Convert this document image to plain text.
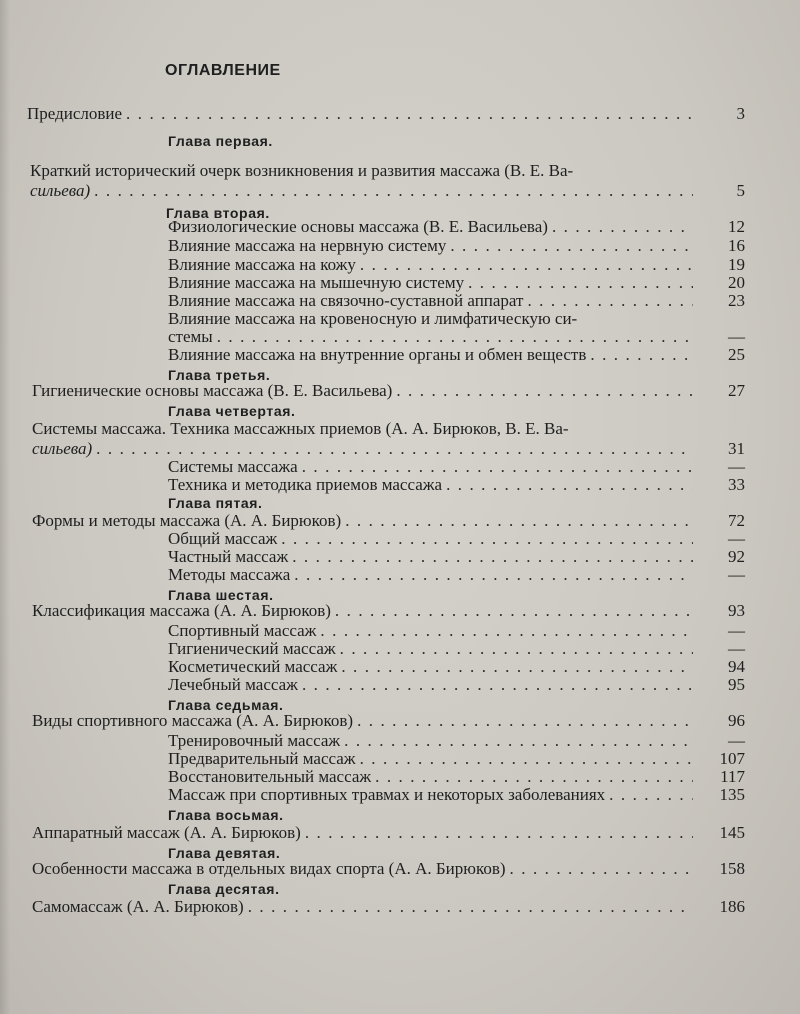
ОГЛАВЛЕНИЕ
Предисловие . . .	3
Глава первая.
Краткий исторический очерк возникновения и развития массажа (В. Е. Ва-
сильева) . . .	5
Глава вторая.
Физиологические основы массажа (В. Е. Васильева) . . .	12
Влияние массажа на нервную систему . . .	16
Влияние массажа на кожу . . .	19
Влияние массажа на мышечную систему . . .	20
Влияние массажа на связочно-суставной аппарат . . .	23
Влияние массажа на кровеносную и лимфатическую си-
стемы . . .	—
Влияние массажа на внутренние органы и обмен веществ . . .	25
Глава третья.
Гигиенические основы массажа (В. Е. Васильева) . . .	27
Глава четвертая.
Системы массажа. Техника массажных приемов (А. А. Бирюков, В. Е. Ва-
сильева) . . .	31
Системы массажа . . .	—
Техника и методика приемов массажа . . .	33
Глава пятая.
Формы и методы массажа (А. А. Бирюков) . . .	72
Общий массаж . . .	—
Частный массаж . . .	92
Методы массажа . . .	—
Глава шестая.
Классификация массажа (А. А. Бирюков) . . .	93
Спортивный массаж . . .	—
Гигиенический массаж . . .	—
Косметический массаж . . .	94
Лечебный массаж . . .	95
Глава седьмая.
Виды спортивного массажа (А. А. Бирюков) . . .	96
Тренировочный массаж . . .	—
Предварительный массаж . . .	107
Восстановительный массаж . . .	117
Массаж при спортивных травмах и некоторых заболеваниях . . .	135
Глава восьмая.
Аппаратный массаж (А. А. Бирюков) . . .	145
Глава девятая.
Особенности массажа в отдельных видах спорта (А. А. Бирюков) . . .	158
Глава десятая.
Самомассаж (А. А. Бирюков) . . .	186
